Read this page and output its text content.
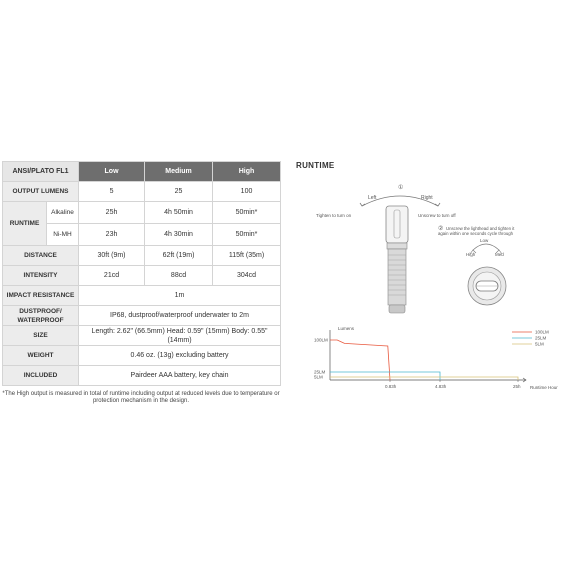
ANSI/PLATO FL1		Low	Medium	High
OUTPUT LUMENS		5	25	100
RUNTIME	Alkaline	25h	4h 50min	50min*
	Ni-MH	23h	4h 30min	50min*
DISTANCE		30ft (9m)	62ft (19m)	115ft (35m)
INTENSITY		21cd	88cd	304cd
IMPACT RESISTANCE		1m		
DUSTPROOF/ WATERPROOF		IP68, dustproof/waterproof underwater to 2m		
SIZE		Length: 2.62" (66.5mm) Head: 0.59" (15mm) Body: 0.55" (14mm)		
WEIGHT		0.46 oz. (13g) excluding battery		
INCLUDED		Pairdeer AAA battery, key chain		
*The High output is measured in total of runtime including output at reduced levels due to temperature or protection mechanism in the design.
RUNTIME
①
Left	Right
Tighten to turn on	Unscrew to turn off
② Unscrew the lighthead and tighten it again within one seconds cycle through
Low
High	Med
Lumens
Runtime Hour
100LM
25LM
5LM
0.83h	4.83h	25h
100LM
25LM
5LM
